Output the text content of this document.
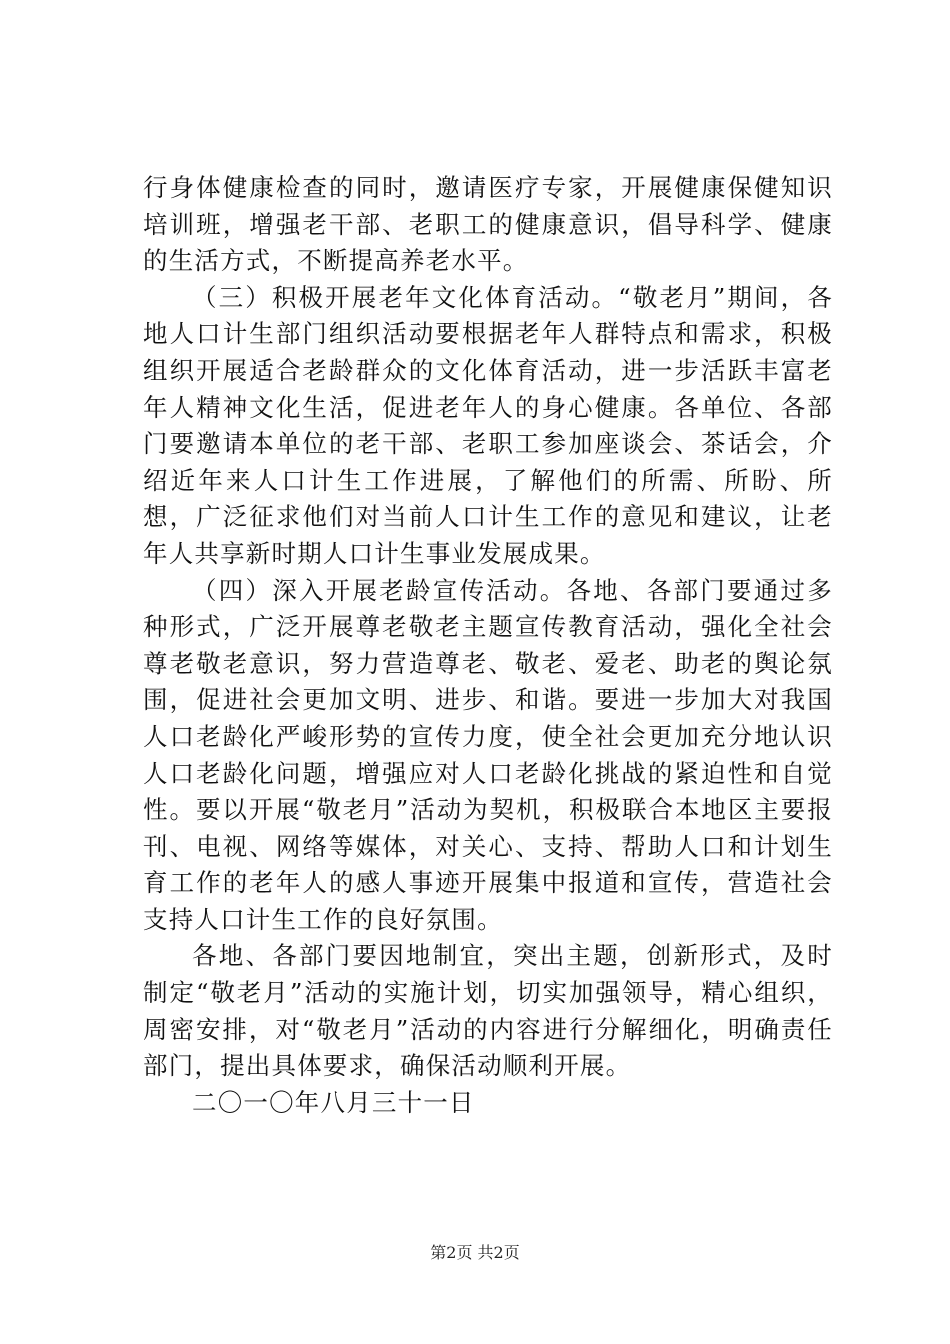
行身体健康检查的同时，邀请医疗专家，开展健康保健知识培训班，增强老干部、老职工的健康意识，倡导科学、健康的生活方式，不断提高养老水平。

（三）积极开展老年文化体育活动。“敬老月”期间，各地人口计生部门组织活动要根据老年人群特点和需求，积极组织开展适合老龄群众的文化体育活动，进一步活跃丰富老年人精神文化生活，促进老年人的身心健康。各单位、各部门要邀请本单位的老干部、老职工参加座谈会、茶话会，介绍近年来人口计生工作进展，了解他们的所需、所盼、所想，广泛征求他们对当前人口计生工作的意见和建议，让老年人共享新时期人口计生事业发展成果。

（四）深入开展老龄宣传活动。各地、各部门要通过多种形式，广泛开展尊老敬老主题宣传教育活动，强化全社会尊老敬老意识，努力营造尊老、敬老、爱老、助老的舆论氛围，促进社会更加文明、进步、和谐。要进一步加大对我国人口老龄化严峻形势的宣传力度，使全社会更加充分地认识人口老龄化问题，增强应对人口老龄化挑战的紧迫性和自觉性。要以开展“敬老月”活动为契机，积极联合本地区主要报刊、电视、网络等媒体，对关心、支持、帮助人口和计划生育工作的老年人的感人事迹开展集中报道和宣传，营造社会支持人口计生工作的良好氛围。

各地、各部门要因地制宜，突出主题，创新形式，及时制定“敬老月”活动的实施计划，切实加强领导，精心组织，周密安排，对“敬老月”活动的内容进行分解细化，明确责任部门，提出具体要求，确保活动顺利开展。

二〇一〇年八月三十一日

第2页 共2页
